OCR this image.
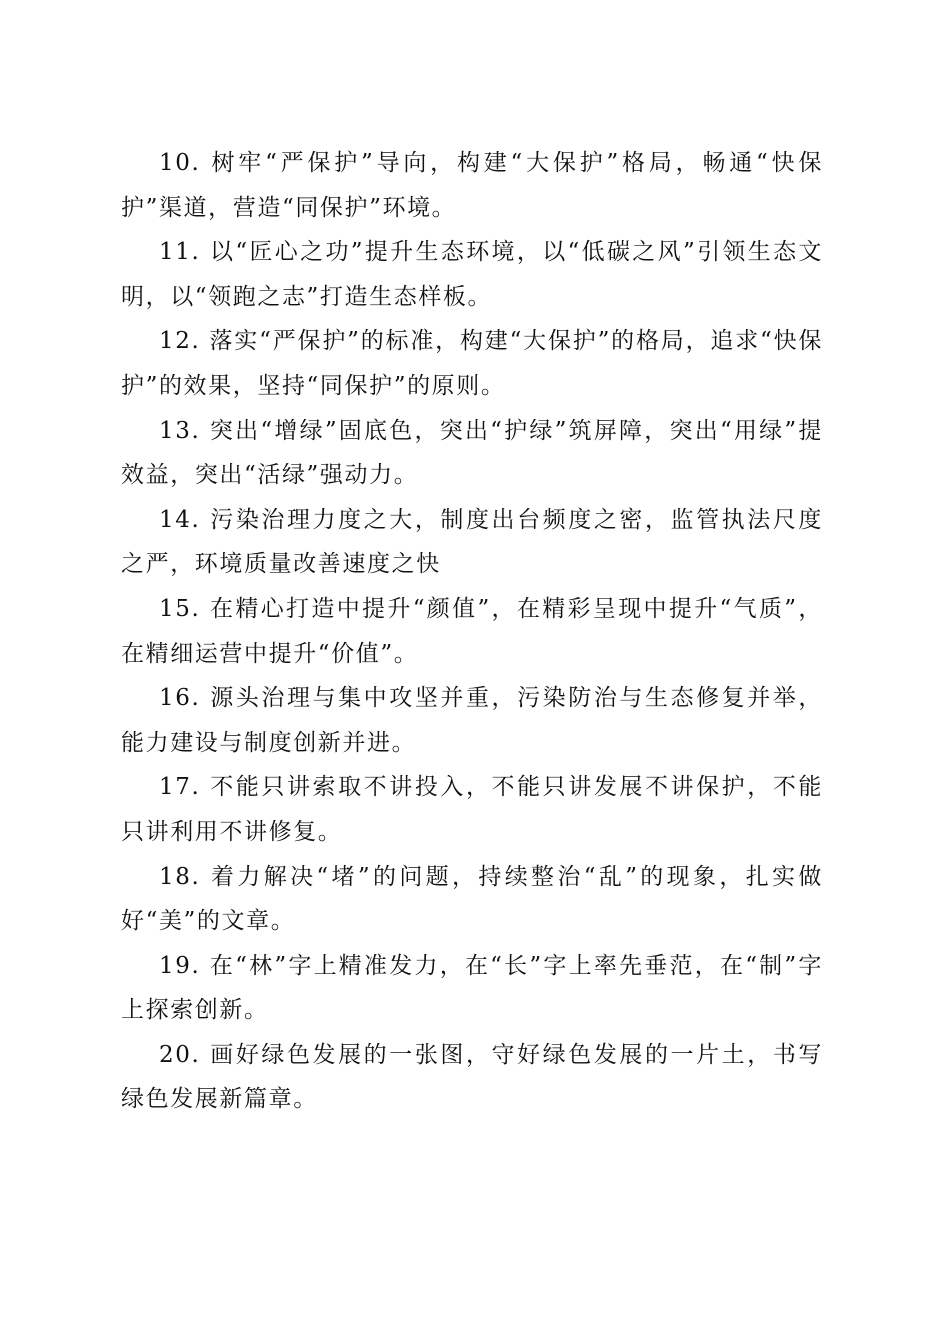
10. 树牢“严保护”导向，构建“大保护”格局，畅通“快保护”渠道，营造“同保护”环境。

11. 以“匠心之功”提升生态环境，以“低碳之风”引领生态文明，以“领跑之志”打造生态样板。

12. 落实“严保护”的标准，构建“大保护”的格局，追求“快保护”的效果，坚持“同保护”的原则。

13. 突出“增绿”固底色，突出“护绿”筑屏障，突出“用绿”提效益，突出“活绿”强动力。

14. 污染治理力度之大，制度出台频度之密，监管执法尺度之严，环境质量改善速度之快

15. 在精心打造中提升“颜值”，在精彩呈现中提升“气质”，在精细运营中提升“价值”。

16. 源头治理与集中攻坚并重，污染防治与生态修复并举，能力建设与制度创新并进。

17. 不能只讲索取不讲投入，不能只讲发展不讲保护，不能只讲利用不讲修复。

18. 着力解决“堵”的问题，持续整治“乱”的现象，扎实做好“美”的文章。

19. 在“林”字上精准发力，在“长”字上率先垂范，在“制”字上探索创新。

20. 画好绿色发展的一张图，守好绿色发展的一片土，书写绿色发展新篇章。
